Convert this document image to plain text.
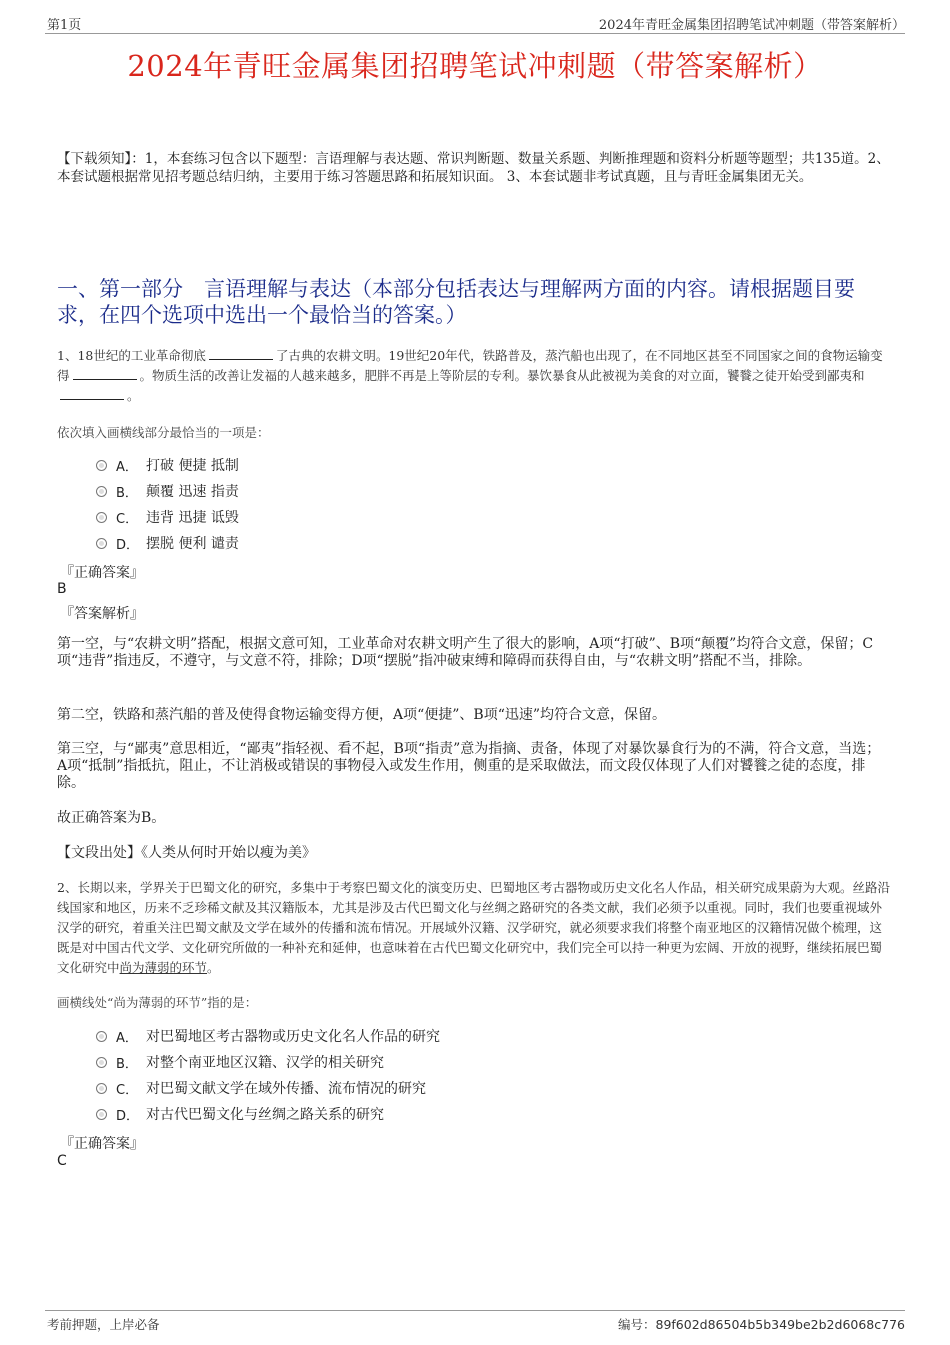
第1页	2024年青旺金属集团招聘笔试冲刺题（带答案解析）
2024年青旺金属集团招聘笔试冲刺题（带答案解析）
【下载须知】：1，本套练习包含以下题型：言语理解与表达题、常识判断题、数量关系题、判断推理题和资料分析题等题型；共135道。2、本套试题根据常见招考题总结归纳，主要用于练习答题思路和拓展知识面。 3、本套试题非考试真题，且与青旺金属集团无关。
一、第一部分　言语理解与表达（本部分包括表达与理解两方面的内容。请根据题目要求，在四个选项中选出一个最恰当的答案。）
1、18世纪的工业革命彻底	了古典的农耕文明。19世纪20年代，铁路普及，蒸汽船也出现了，在不同地区甚至不同国家之间的食物运输变得	。物质生活的改善让发福的人越来越多，肥胖不再是上等阶层的专利。暴饮暴食从此被视为美食的对立面，饕餮之徒开始受到鄙夷和。
依次填入画横线部分最恰当的一项是：
A． 打破 便捷 抵制
B． 颠覆 迅速 指责
C． 违背 迅捷 诋毁
D． 摆脱 便利 谴责
『正确答案』
B
『答案解析』
第一空，与“农耕文明”搭配，根据文意可知，工业革命对农耕文明产生了很大的影响，A项“打破”、B项“颠覆”均符合文意，保留；C项“违背”指违反，不遵守，与文意不符，排除；D项“摆脱”指冲破束缚和障碍而获得自由，与“农耕文明”搭配不当，排除。
第二空，铁路和蒸汽船的普及使得食物运输变得方便，A项“便捷”、B项“迅速”均符合文意，保留。
第三空，与“鄙夷”意思相近，“鄙夷”指轻视、看不起，B项“指责”意为指摘、责备，体现了对暴饮暴食行为的不满，符合文意，当选；A项“抵制”指抵抗，阻止，不让消极或错误的事物侵入或发生作用，侧重的是采取做法，而文段仅体现了人们对饕餮之徒的态度，排除。
故正确答案为B。
【文段出处】《人类从何时开始以瘦为美》
2、长期以来，学界关于巴蜀文化的研究，多集中于考察巴蜀文化的演变历史、巴蜀地区考古器物或历史文化名人作品，相关研究成果蔚为大观。丝路沿线国家和地区，历来不乏珍稀文献及其汉籍版本，尤其是涉及古代巴蜀文化与丝绸之路研究的各类文献，我们必须予以重视。同时，我们也要重视域外汉学的研究，着重关注巴蜀文献及文学在域外的传播和流布情况。开展域外汉籍、汉学研究，就必须要求我们将整个南亚地区的汉籍情况做个梳理，这既是对中国古代文学、文化研究所做的一种补充和延伸，也意味着在古代巴蜀文化研究中，我们完全可以持一种更为宏阔、开放的视野，继续拓展巴蜀文化研究中尚为薄弱的环节。
画横线处“尚为薄弱的环节”指的是：
A． 对巴蜀地区考古器物或历史文化名人作品的研究
B． 对整个南亚地区汉籍、汉学的相关研究
C． 对巴蜀文献文学在域外传播、流布情况的研究
D． 对古代巴蜀文化与丝绸之路关系的研究
『正确答案』
C
考前押题，上岸必备	编号：89f602d86504b5b349be2b2d6068c776
